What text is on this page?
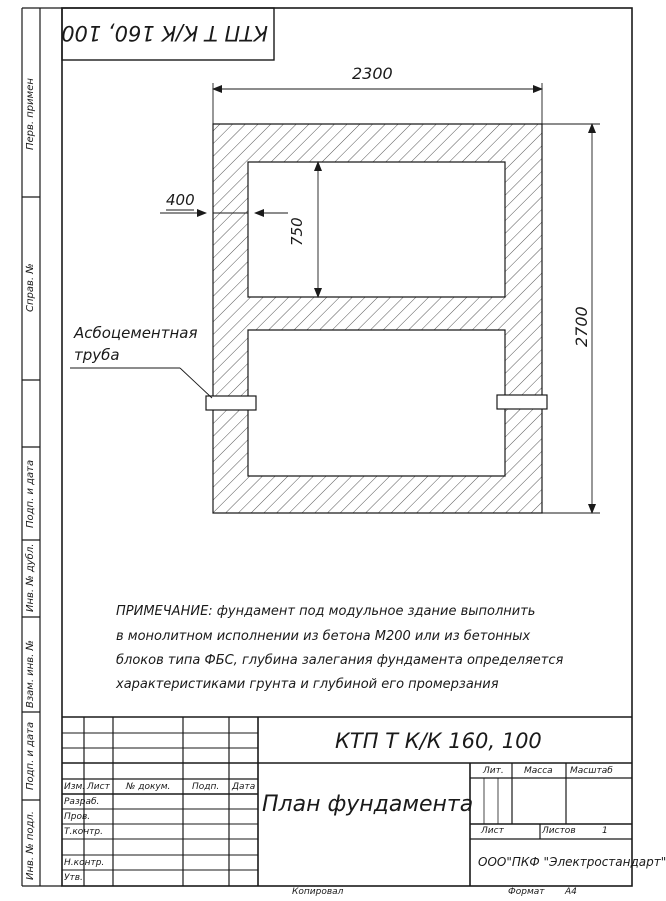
КТП Т К/К 160, 100
Перв. примен
Справ. №
Подп. и дата
Инв. № дубл.
Взам. инв. №
Подп. и дата
Инв. № подл.
2300
2700
400
750
Асбоцементная
труба
ПРИМЕЧАНИЕ: фундамент под модульное здание выполнить
в монолитном исполнении из бетона М200 или из бетонных
блоков типа ФБС, глубина залегания фундамента определяется
характеристиками грунта и глубиной его промерзания
КТП Т К/К 160, 100
План фундамента
Изм. Лист № докум. Подп. Дата
Разраб.
Пров.
Т.контр.
Н.контр.
Утв.
Лит. Масса Масштаб
Лист	Листов	1
ООО"ПКФ "Электростандарт"
Копировал	Формат А4
